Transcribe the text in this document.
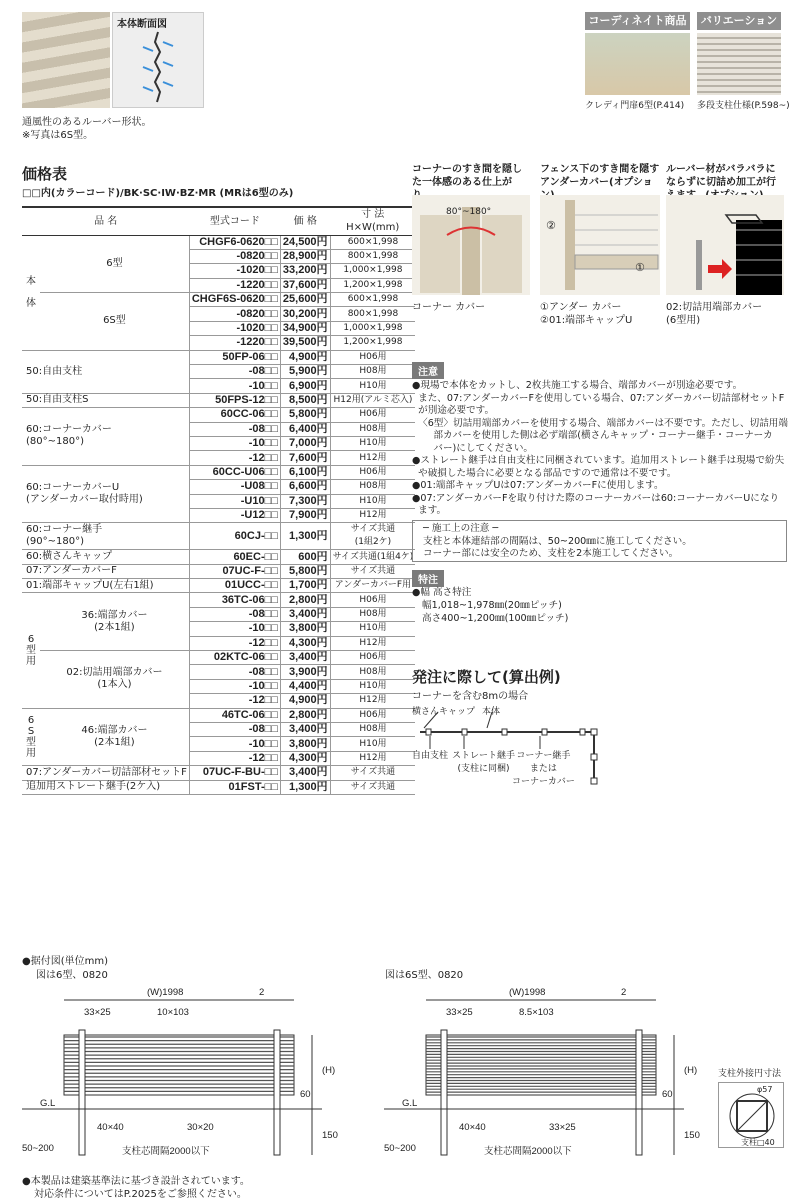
本体断面図
通風性のあるルーバー形状。
※写真は6S型。
コーディネイト商品	バリエーション
クレディ門扉6型(P.414) 多段支柱仕様(P.598~)
価格表
□□内(カラーコード)/BK·SC·IW·BZ·MR (MRは6型のみ)
品 名		型式コード	価 格	寸 法
H×W(mm)

本

体	6型	CHGF6-0620□□	24,500円	600×1,998
		-0820□□	28,900円	800×1,998
		-1020□□	33,200円	1,000×1,998
		-1220□□	37,600円	1,200×1,998
	6S型	CHGF6S-0620□□	25,600円	600×1,998
		-0820□□	30,200円	800×1,998
		-1020□□	34,900円	1,000×1,998
		-1220□□	39,500円	1,200×1,998
50:自由支柱		50FP-06□□	4,900円	H06用
		-08□□	5,900円	H08用
		-10□□	6,900円	H10用
50:自由支柱S		50FPS-12□□	8,500円	H12用(アルミ芯入)
60:コーナーカバー
(80°~180°)		60CC-06□□	5,800円	H06用
		-08□□	6,400円	H08用
		-10□□	7,000円	H10用
		-12□□	7,600円	H12用
60:コーナーカバーU
(アンダーカバー取付時用)		60CC-U06□□	6,100円	H06用
		-U08□□	6,600円	H08用
		-U10□□	7,300円	H10用
		-U12□□	7,900円	H12用
60:コーナー継手
(90°~180°)		60CJ-□□	1,300円	サイズ共通
(1組2ケ)
60:横さんキャップ		60EC-□□	600円	サイズ共通(1組4ケ)
07:アンダーカバーF		07UC-F-□□	5,800円	サイズ共通
01:端部キャップU(左右1組)		01UCC-□□	1,700円	アンダーカバーF用
6
型
用	36:端部カバー
(2本1組)	36TC-06□□	2,800円	H06用
		-08□□	3,400円	H08用
		-10□□	3,800円	H10用
		-12□□	4,300円	H12用
	02:切詰用端部カバー
(1本入)	02KTC-06□□	3,400円	H06用
		-08□□	3,900円	H08用
		-10□□	4,400円	H10用
		-12□□	4,900円	H12用
6
S
型
用	46:端部カバー
(2本1組)	46TC-06□□	2,800円	H06用
		-08□□	3,400円	H08用
		-10□□	3,800円	H10用
		-12□□	4,300円	H12用
07:アンダーカバー切詰部材セットF		07UC-F-BU-□□	3,400円	サイズ共通
追加用ストレート継手(2ケ入)		01FST-□□	1,300円	サイズ共通
コーナーのすき間を隠した一体感のある仕上が
フェンス下のすき間を隠すアンダーカバー(オプショ
ルーバー材がバラバラにならずに切詰め加工が行
80°~180°
②
①
コーナー カバー	①アンダー カバー
②01:端部キャップU
02:切詰用端部カバー
(6型用)
注意
●現場で本体をカットし、2枚共施工する場合、端部カバーが別途必要です。
また、07:アンダーカバーFを使用している場合、07:アンダーカバー切詰部材セットF
が別途必要です。
〈6型〉切詰用端部カバーを使用する場合、端部カバーは不要です。ただし、切詰用端
部カバーを使用した側は必ず端部(横さんキャップ・コーナー継手・コーナーカ
バー)にしてください。
●ストレート継手は自由支柱に同梱されています。追加用ストレート継手は現場で紛失
や破損した場合に必要となる部品ですので通常は不要です。
●01:端部キャップUは07:アンダーカバーFに使用します。
●07:アンダーカバーFを取り付けた際のコーナーカバーは60:コーナーカバーUになり
ます。
─ 施工上の注意 ─
支柱と本体連結部の間隔は、50~200㎜に施工してください。
コーナー部には安全のため、支柱を2本施工してください。
特注
●幅 高さ特注
幅1,018~1,978㎜(20㎜ピッチ)
高さ400~1,200㎜(100㎜ピッチ)
発注に際して(算出例)
コーナーを含む8mの場合
横さんキャップ 本体
自由支柱 ストレート継手
(支柱に同梱)
コーナー継手
または
コーナーカバー
●据付図(単位mm)
図は6型、0820	図は6S型、0820
(W)1998	2
33×25	10×103
(H)
G.L
60
40×40	30×20
150
50~200	支柱芯間隔2000以下
(W)1998	2
33×25	8.5×103
(H)
G.L
60
40×40	33×25
150
50~200	支柱芯間隔2000以下
支柱外接円寸法
φ57
支柱□40
●本製品は建築基準法に基づき設計されています。
対応条件についてはP.2025をご参照ください。
